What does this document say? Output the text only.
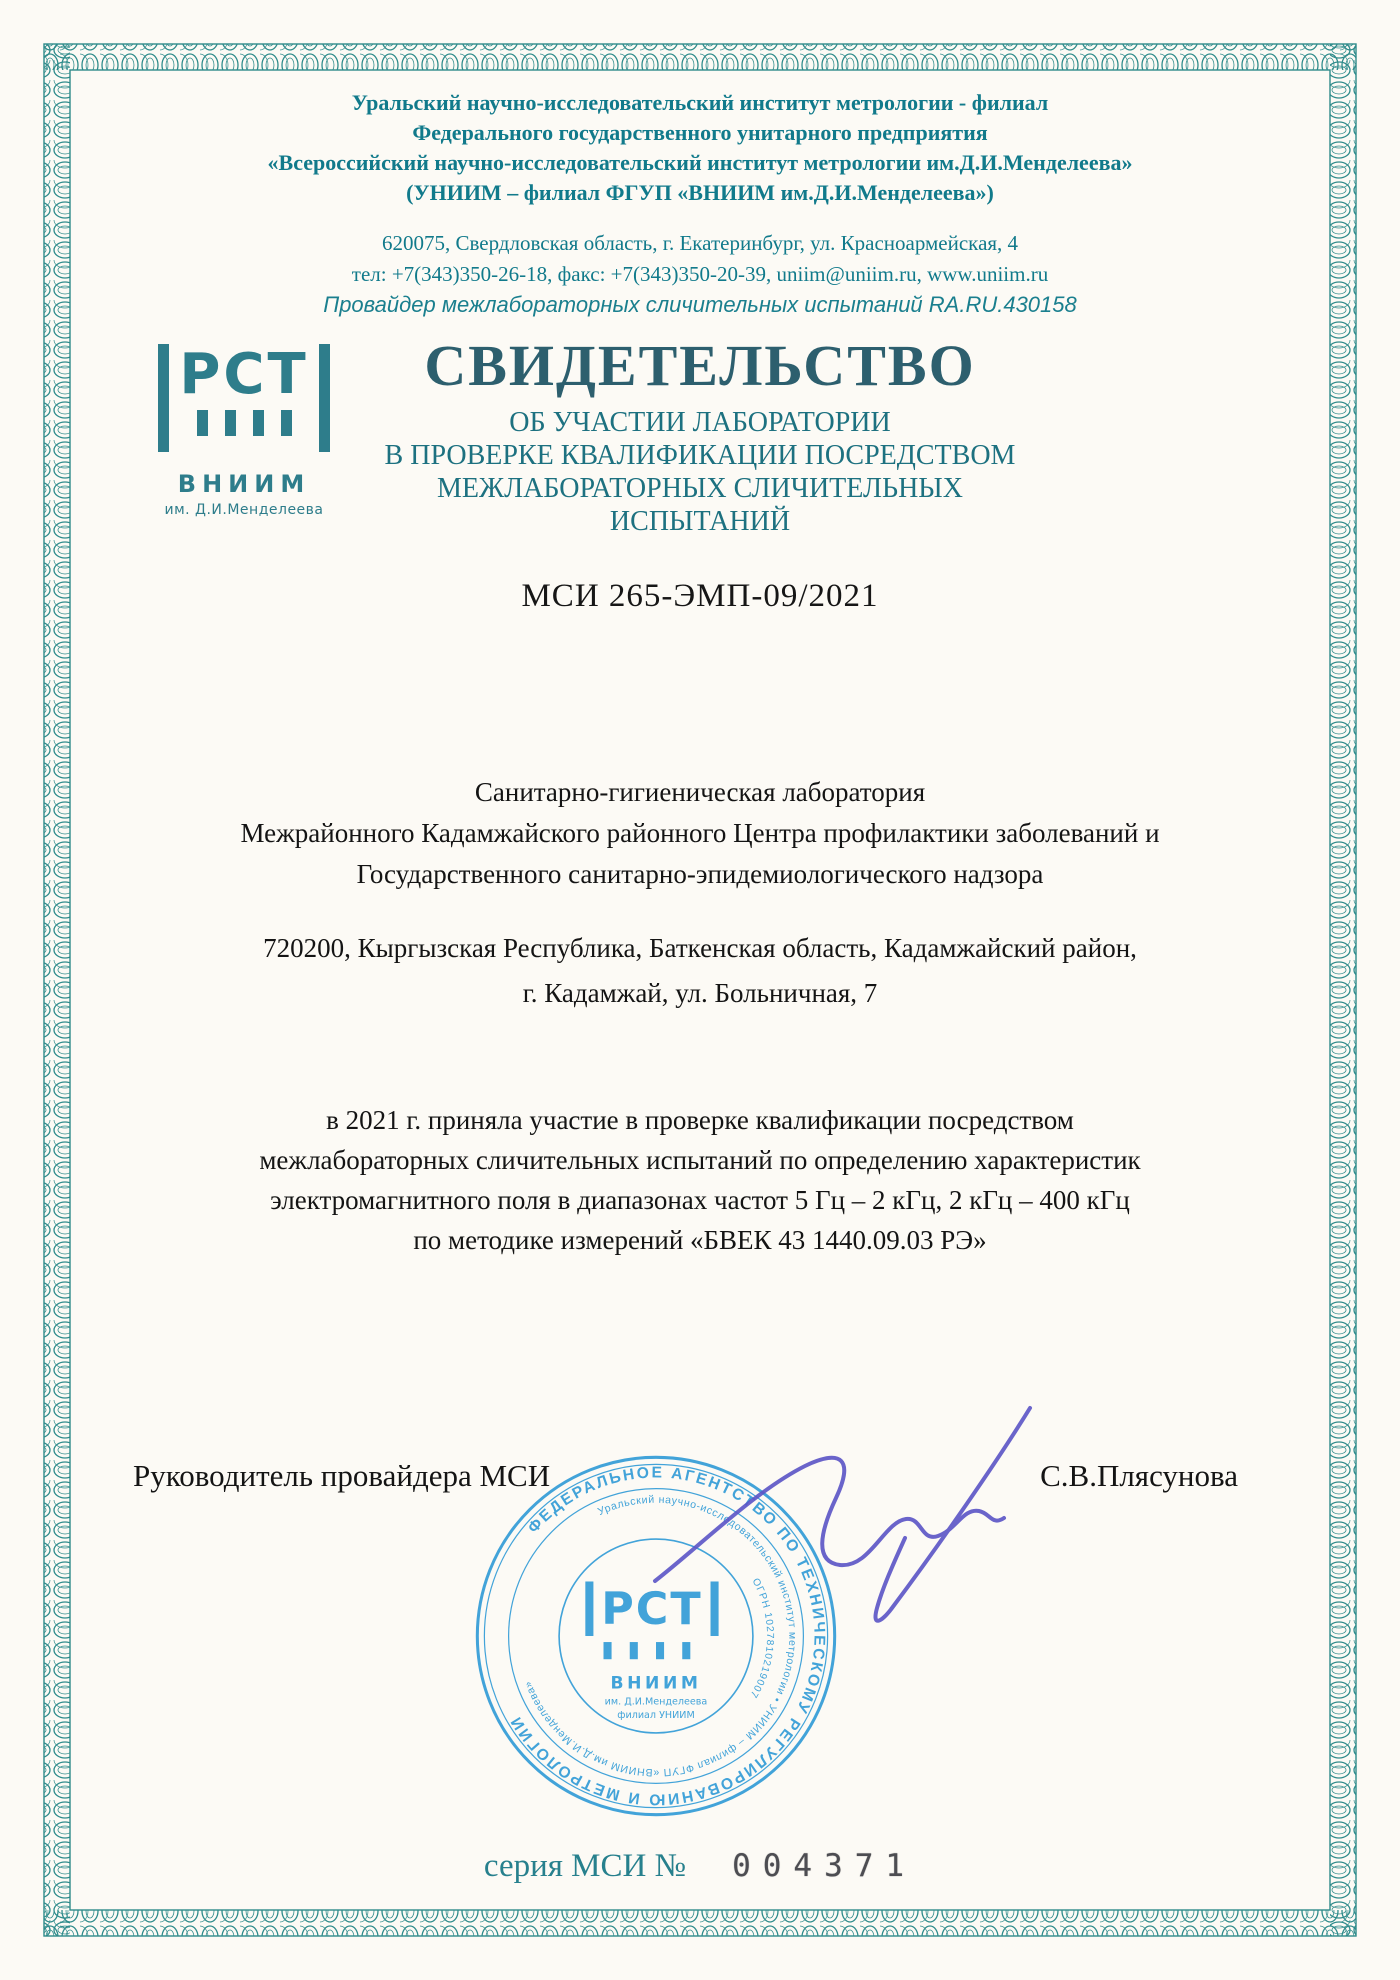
Уральский научно-исследовательский институт метрологии - филиал
Федерального государственного унитарного предприятия
«Всероссийский научно-исследовательский институт метрологии им.Д.И.Менделеева»
(УНИИМ – филиал ФГУП «ВНИИМ им.Д.И.Менделеева»)
620075, Свердловская область, г. Екатеринбург, ул. Красноармейская, 4
тел: +7(343)350-26-18, факс: +7(343)350-20-39, uniim@uniim.ru, www.uniim.ru
Провайдер межлабораторных сличительных испытаний RA.RU.430158
РСТ
ВНИИМ
им. Д.И.Менделеева
СВИДЕТЕЛЬСТВО
ОБ УЧАСТИИ ЛАБОРАТОРИИ
В ПРОВЕРКЕ КВАЛИФИКАЦИИ ПОСРЕДСТВОМ
МЕЖЛАБОРАТОРНЫХ СЛИЧИТЕЛЬНЫХ
ИСПЫТАНИЙ
МСИ 265-ЭМП-09/2021
Санитарно-гигиеническая лаборатория
Межрайонного Кадамжайского районного Центра профилактики заболеваний и
Государственного санитарно-эпидемиологического надзора
720200, Кыргызская Республика, Баткенская область, Кадамжайский район,
г. Кадамжай, ул. Больничная, 7
в 2021 г. приняла участие в проверке квалификации посредством
межлабораторных сличительных испытаний по определению характеристик
электромагнитного поля в диапазонах частот 5 Гц – 2 кГц, 2 кГц – 400 кГц
по методике измерений «БВЕК 43 1440.09.03 РЭ»
Руководитель провайдера МСИ	С.В.Плясунова
ФЕДЕРАЛЬНОЕ АГЕНТСТВО ПО ТЕХНИЧЕСКОМУ РЕГУЛИРОВАНИЮ И МЕТРОЛОГИИ
Уральский научно-исследовательский институт метрологии • УНИИМ – филиал ФГУП «ВНИИМ им.Д.И.Менделеева»
ОГРН 1027810219007
РСТ
ВНИИМ
им. Д.И.Менделеева
филиал УНИИМ
серия МСИ № 004371
